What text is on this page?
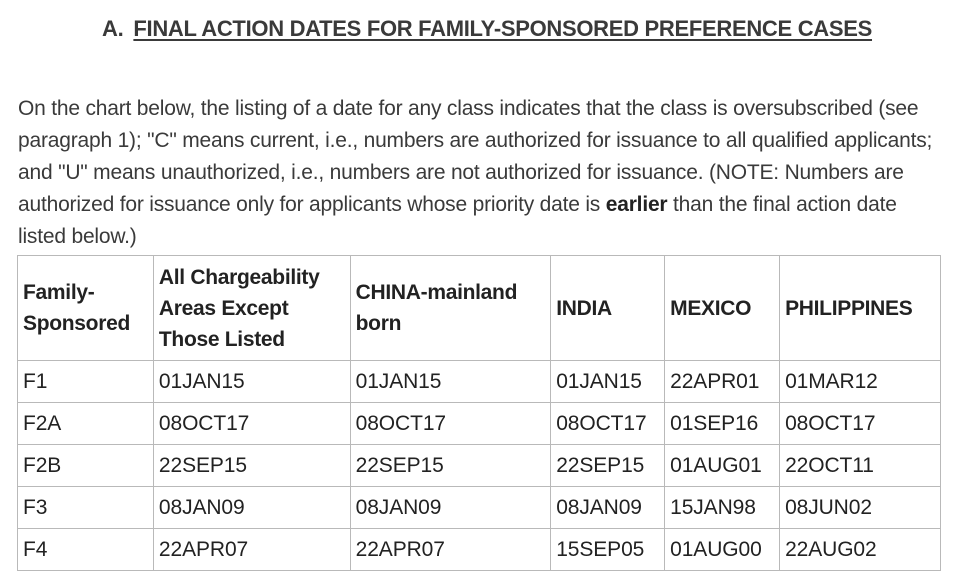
A. FINAL ACTION DATES FOR FAMILY-SPONSORED PREFERENCE CASES

On the chart below, the listing of a date for any class indicates that the class is oversubscribed (see paragraph 1); "C" means current, i.e., numbers are authorized for issuance to all qualified applicants; and "U" means unauthorized, i.e., numbers are not authorized for issuance. (NOTE: Numbers are authorized for issuance only for applicants whose priority date is earlier than the final action date listed below.)

Family-Sponsored	All Chargeability Areas Except Those Listed	CHINA-mainland born	INDIA	MEXICO	PHILIPPINES
F1	01JAN15	01JAN15	01JAN15	22APR01	01MAR12
F2A	08OCT17	08OCT17	08OCT17	01SEP16	08OCT17
F2B	22SEP15	22SEP15	22SEP15	01AUG01	22OCT11
F3	08JAN09	08JAN09	08JAN09	15JAN98	08JUN02
F4	22APR07	22APR07	15SEP05	01AUG00	22AUG02
